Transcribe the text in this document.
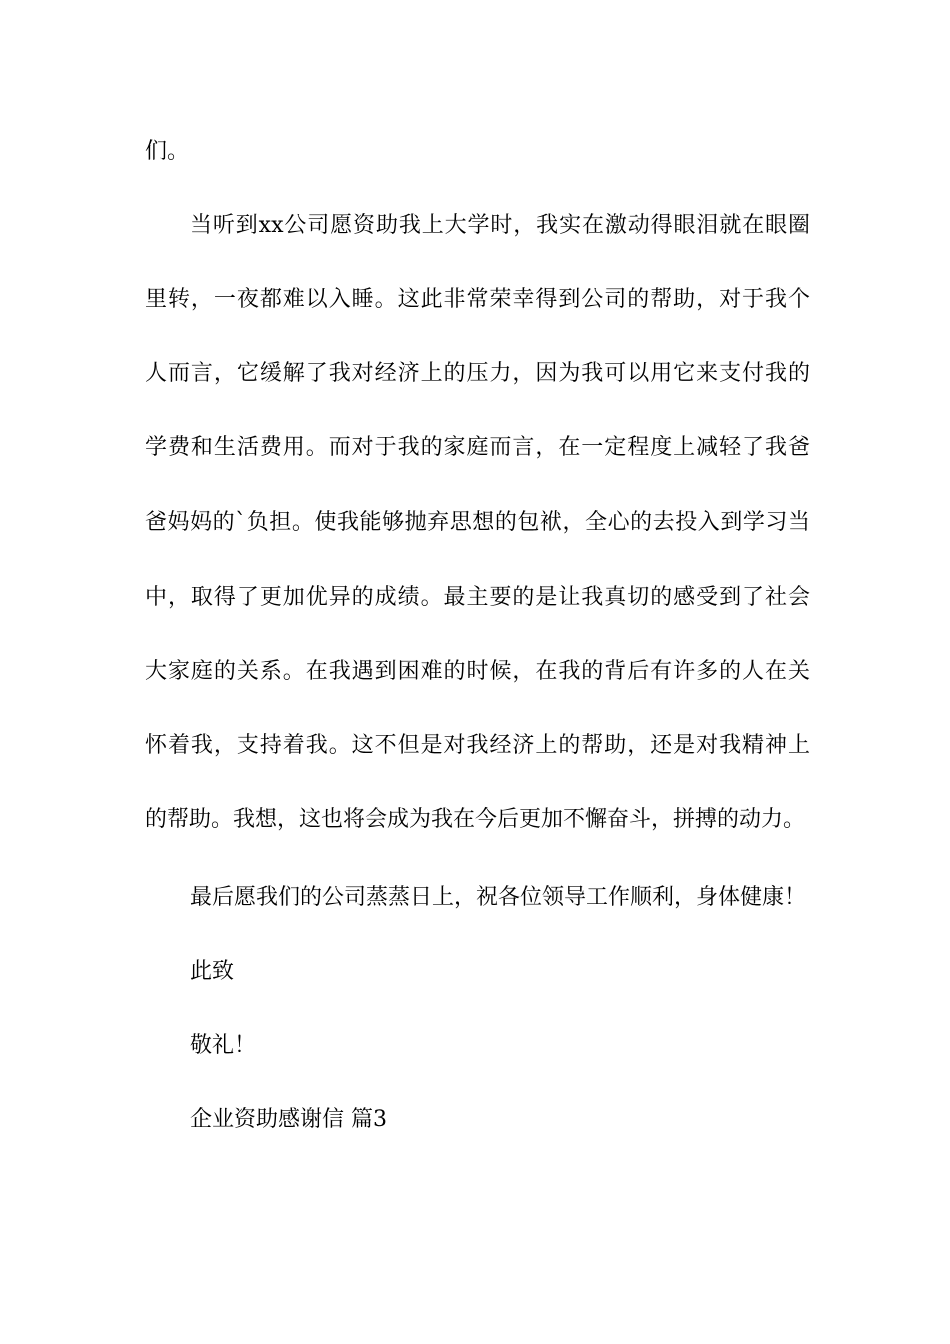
们。
当听到xx公司愿资助我上大学时，我实在激动得眼泪就在眼圈
里转，一夜都难以入睡。这此非常荣幸得到公司的帮助，对于我个
人而言，它缓解了我对经济上的压力，因为我可以用它来支付我的
学费和生活费用。而对于我的家庭而言，在一定程度上减轻了我爸
爸妈妈的`负担。使我能够抛弃思想的包袱，全心的去投入到学习当
中，取得了更加优异的成绩。最主要的是让我真切的感受到了社会
大家庭的关系。在我遇到困难的时候，在我的背后有许多的人在关
怀着我，支持着我。这不但是对我经济上的帮助，还是对我精神上
的帮助。我想，这也将会成为我在今后更加不懈奋斗，拼搏的动力。
最后愿我们的公司蒸蒸日上，祝各位领导工作顺利，身体健康！
此致
敬礼！
企业资助感谢信 篇3
